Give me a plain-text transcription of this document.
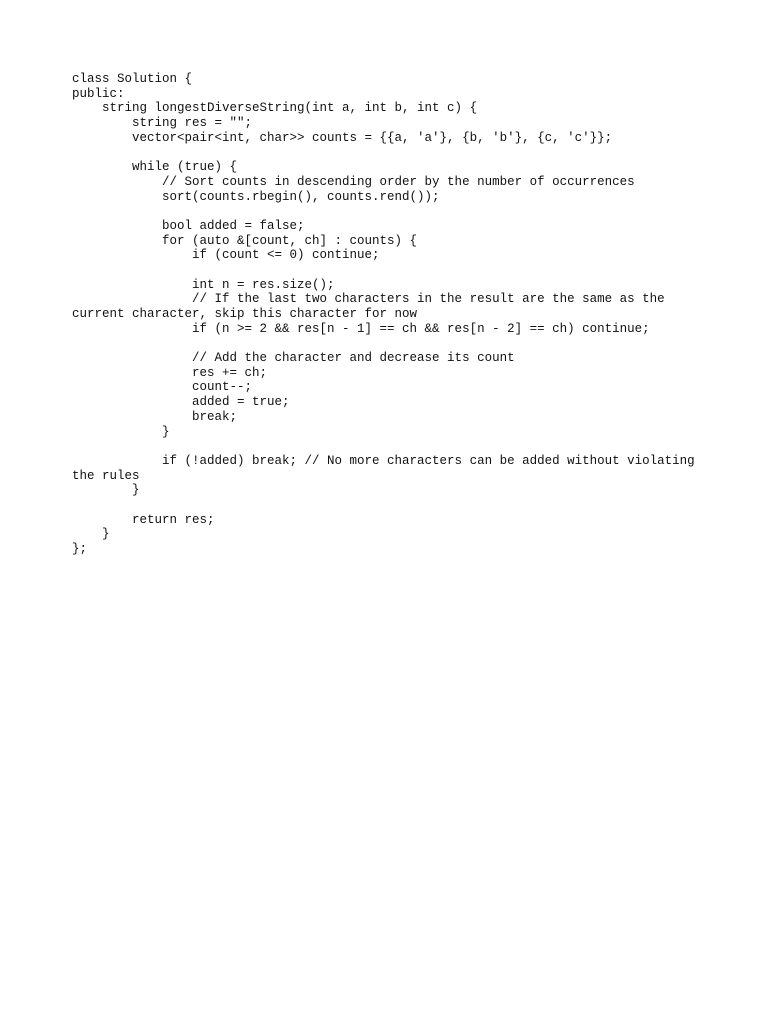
class Solution {
public:
string longestDiverseString(int a, int b, int c) {
string res = "";
vector<pair<int, char>> counts = {{a, 'a'}, {b, 'b'}, {c, 'c'}};
while (true) {
// Sort counts in descending order by the number of occurrences
sort(counts.rbegin(), counts.rend());
bool added = false;
for (auto &[count, ch] : counts) {
if (count <= 0) continue;
int n = res.size();
// If the last two characters in the result are the same as the
current character, skip this character for now
if (n >= 2 && res[n - 1] == ch && res[n - 2] == ch) continue;
// Add the character and decrease its count
res += ch;
count--;
added = true;
break;
}
if (!added) break; // No more characters can be added without violating
the rules
}
return res;
}
};
